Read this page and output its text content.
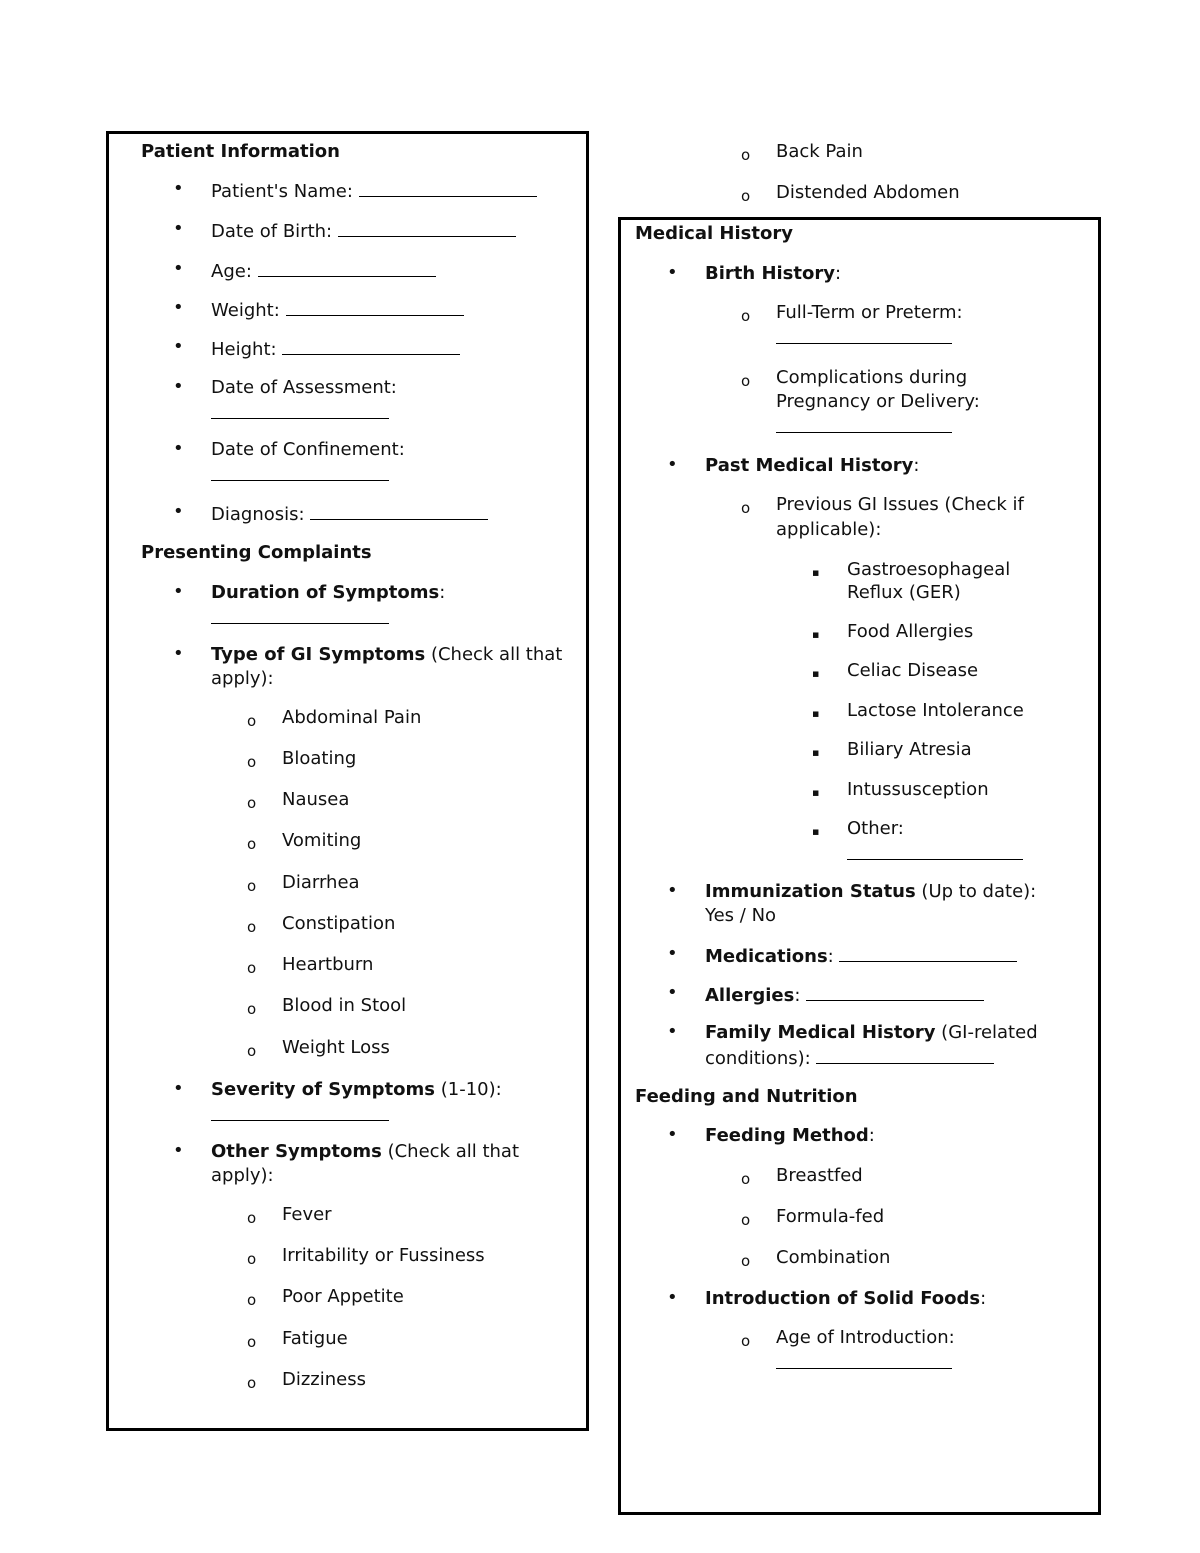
Patient Information
• Patient's Name:
• Date of Birth:
• Age:
• Weight:
• Height:
• Date of Assessment:
• Date of Confinement:
• Diagnosis:
Presenting Complaints
• Duration of Symptoms:
• Type of GI Symptoms (Check all that
apply):
o Abdominal Pain
o Bloating
o Nausea
o Vomiting
o Diarrhea
o Constipation
o Heartburn
o Blood in Stool
o Weight Loss
• Severity of Symptoms (1-10):
• Other Symptoms (Check all that
apply):
o Fever
o Irritability or Fussiness
o Poor Appetite
o Fatigue
o Dizziness
o Back Pain
o Distended Abdomen
Medical History
• Birth History:
o Full-Term or Preterm:
o Complications during
Pregnancy or Delivery:
• Past Medical History:
o Previous GI Issues (Check if
applicable):
▪ Gastroesophageal
Reflux (GER)
▪ Food Allergies
▪ Celiac Disease
▪ Lactose Intolerance
▪ Biliary Atresia
▪ Intussusception
▪ Other:
• Immunization Status (Up to date):
Yes / No
• Medications:
• Allergies:
• Family Medical History (GI-related
conditions):
Feeding and Nutrition
• Feeding Method:
o Breastfed
o Formula-fed
o Combination
• Introduction of Solid Foods:
o Age of Introduction:
